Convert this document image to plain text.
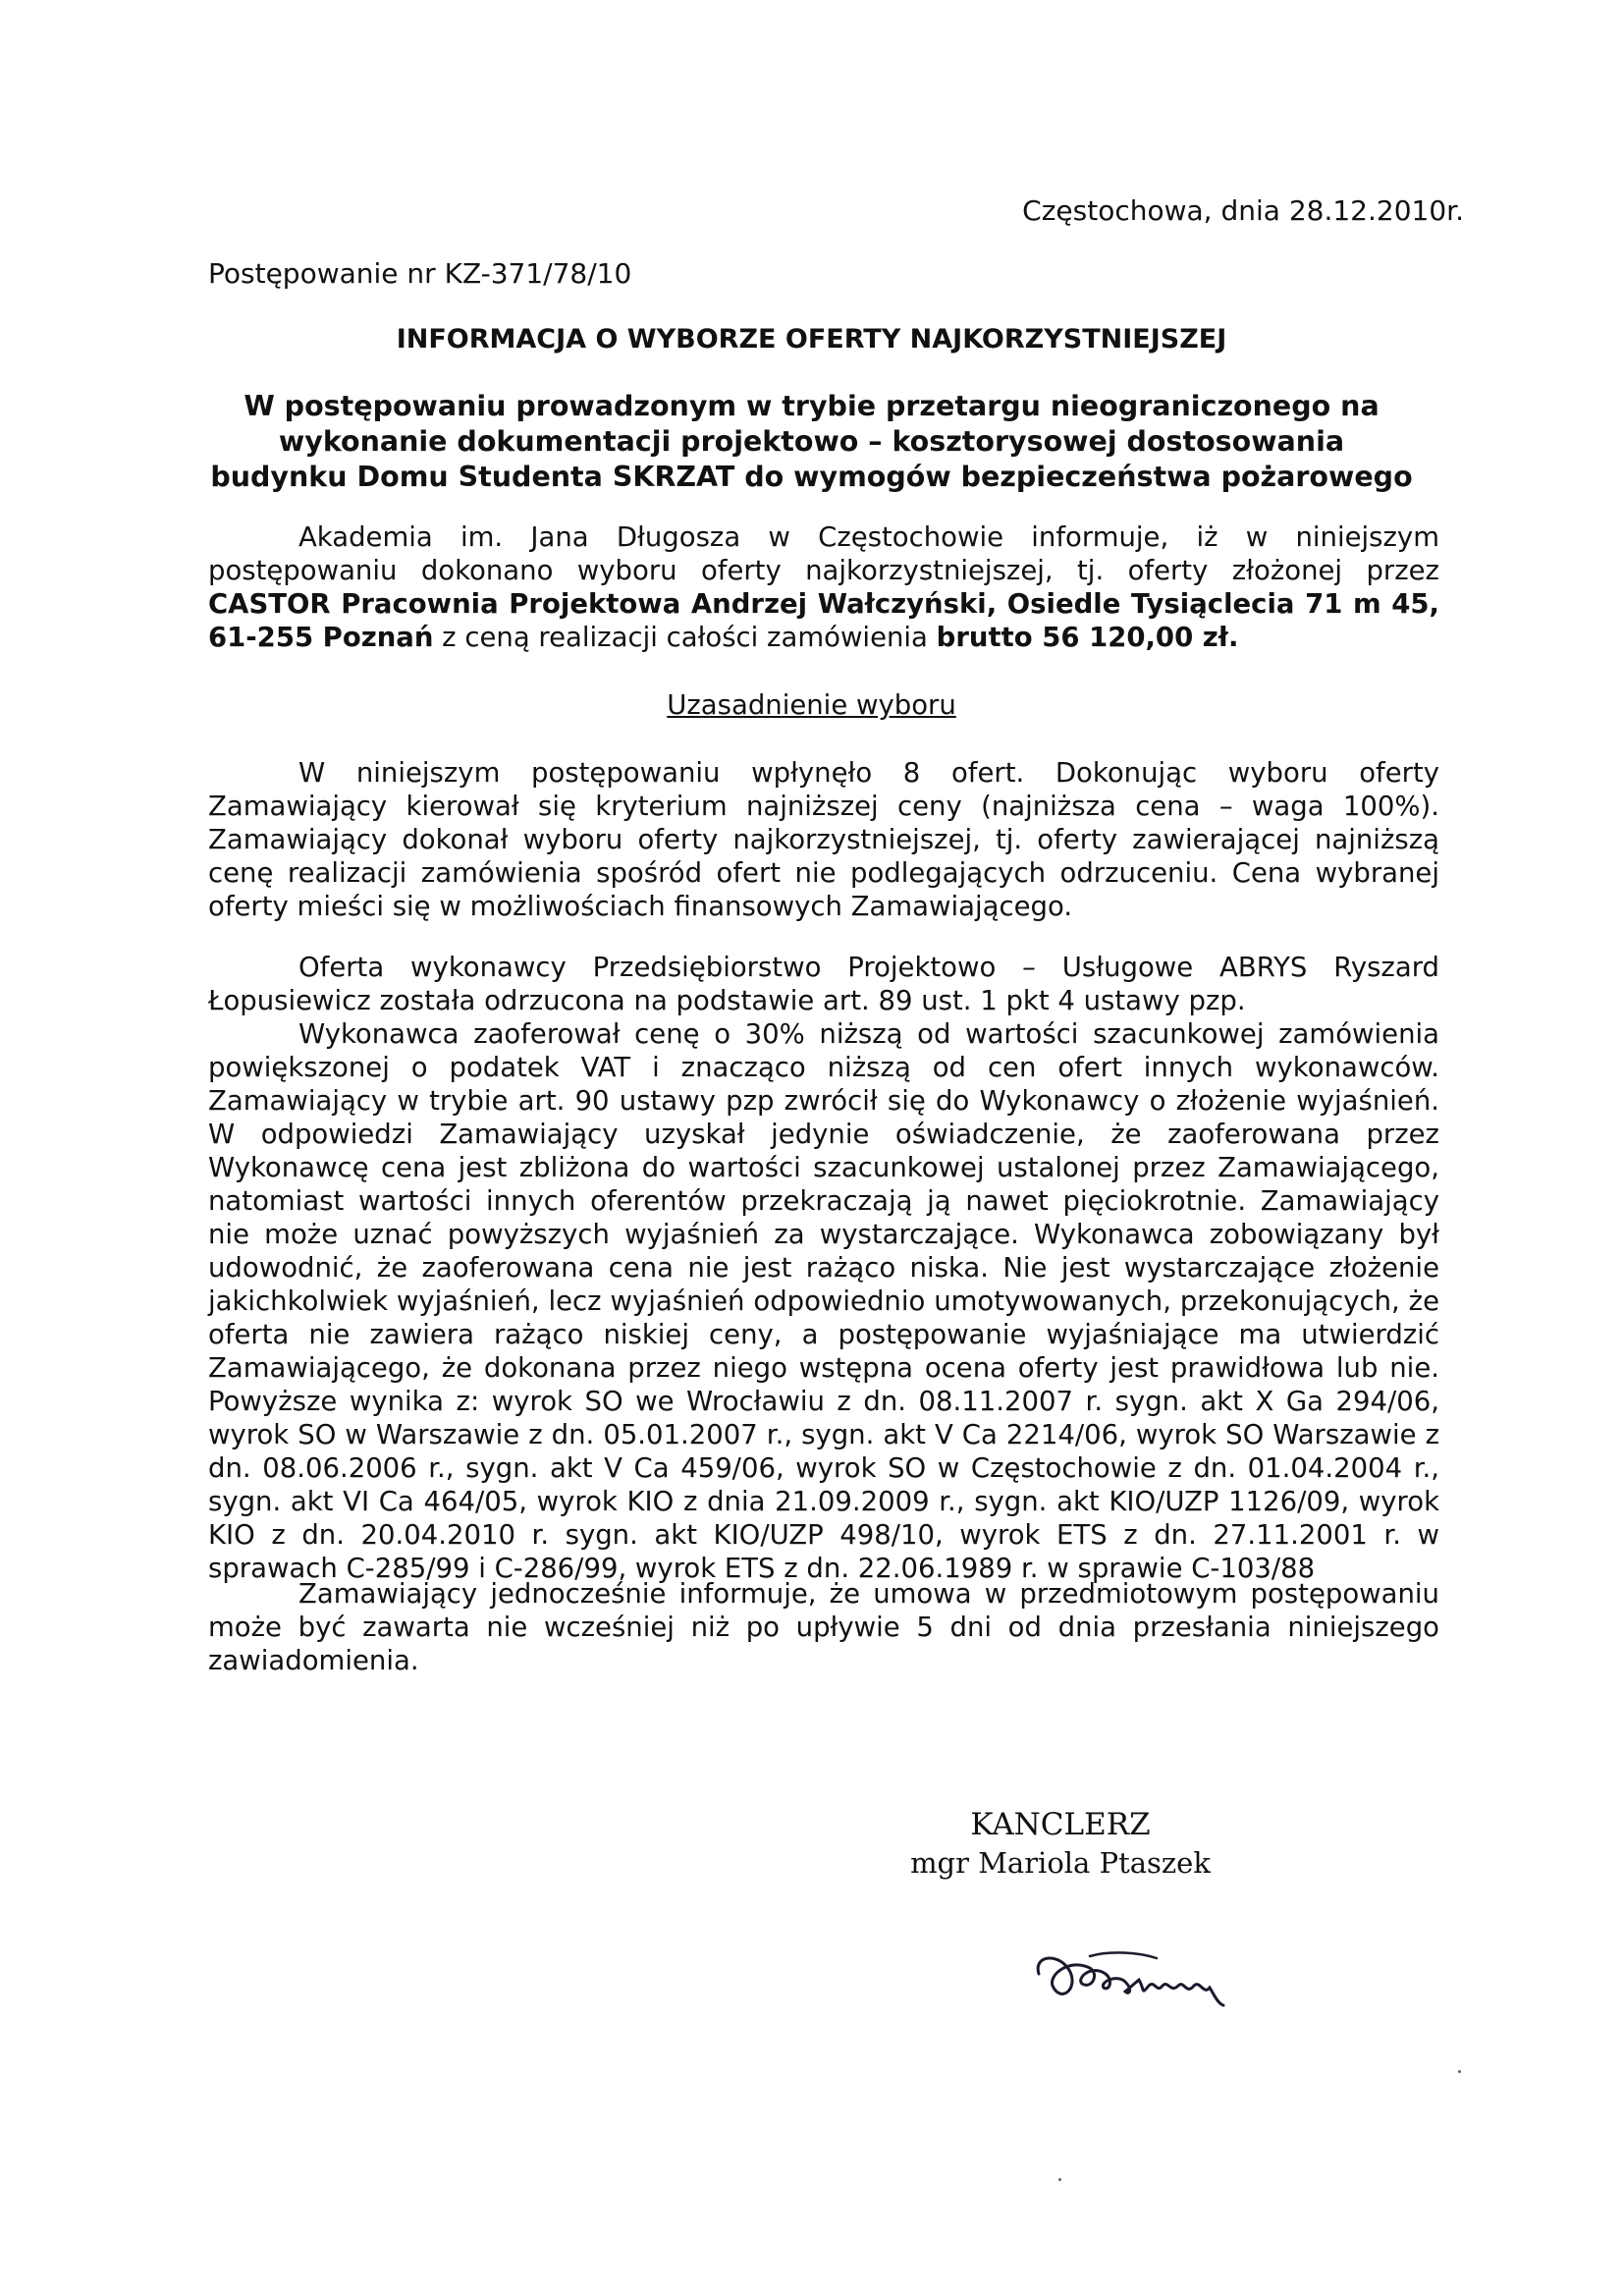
Częstochowa, dnia 28.12.2010r.
Postępowanie nr KZ-371/78/10
INFORMACJA O WYBORZE OFERTY NAJKORZYSTNIEJSZEJ
W postępowaniu prowadzonym w trybie przetargu nieograniczonego na
wykonanie dokumentacji projektowo – kosztorysowej dostosowania
budynku Domu Studenta SKRZAT do wymogów bezpieczeństwa pożarowego
Akademia im. Jana Długosza w Częstochowie informuje, iż w niniejszym postępowaniu dokonano wyboru oferty najkorzystniejszej, tj. oferty złożonej przez CASTOR Pracownia Projektowa Andrzej Wałczyński, Osiedle Tysiąclecia 71 m 45, 61-255 Poznań z ceną realizacji całości zamówienia brutto 56 120,00 zł.
Uzasadnienie wyboru
W niniejszym postępowaniu wpłynęło 8 ofert. Dokonując wyboru oferty Zamawiający kierował się kryterium najniższej ceny (najniższa cena – waga 100%). Zamawiający dokonał wyboru oferty najkorzystniejszej, tj. oferty zawierającej najniższą cenę realizacji zamówienia spośród ofert nie podlegających odrzuceniu. Cena wybranej oferty mieści się w możliwościach finansowych Zamawiającego.
Oferta wykonawcy Przedsiębiorstwo Projektowo – Usługowe ABRYS Ryszard Łopusiewicz została odrzucona na podstawie art. 89 ust. 1 pkt 4 ustawy pzp.
Wykonawca zaoferował cenę o 30% niższą od wartości szacunkowej zamówienia powiększonej o podatek VAT i znacząco niższą od cen ofert innych wykonawców. Zamawiający w trybie art. 90 ustawy pzp zwrócił się do Wykonawcy o złożenie wyjaśnień. W odpowiedzi Zamawiający uzyskał jedynie oświadczenie, że zaoferowana przez Wykonawcę cena jest zbliżona do wartości szacunkowej ustalonej przez Zamawiającego, natomiast wartości innych oferentów przekraczają ją nawet pięciokrotnie. Zamawiający nie może uznać powyższych wyjaśnień za wystarczające. Wykonawca zobowiązany był udowodnić, że zaoferowana cena nie jest rażąco niska. Nie jest wystarczające złożenie jakichkolwiek wyjaśnień, lecz wyjaśnień odpowiednio umotywowanych, przekonujących, że oferta nie zawiera rażąco niskiej ceny, a postępowanie wyjaśniające ma utwierdzić Zamawiającego, że dokonana przez niego wstępna ocena oferty jest prawidłowa lub nie. Powyższe wynika z: wyrok SO we Wrocławiu z dn. 08.11.2007 r. sygn. akt X Ga 294/06, wyrok SO w Warszawie z dn. 05.01.2007 r., sygn. akt V Ca 2214/06, wyrok SO Warszawie z dn. 08.06.2006 r., sygn. akt V Ca 459/06, wyrok SO w Częstochowie z dn. 01.04.2004 r., sygn. akt VI Ca 464/05, wyrok KIO z dnia 21.09.2009 r., sygn. akt KIO/UZP 1126/09, wyrok KIO z dn. 20.04.2010 r. sygn. akt KIO/UZP 498/10, wyrok ETS z dn. 27.11.2001 r. w sprawach C-285/99 i C-286/99, wyrok ETS z dn. 22.06.1989 r. w sprawie C-103/88
Zamawiający jednocześnie informuje, że umowa w przedmiotowym postępowaniu może być zawarta nie wcześniej niż po upływie 5 dni od dnia przesłania niniejszego zawiadomienia.
KANCLERZ
mgr Mariola Ptaszek
